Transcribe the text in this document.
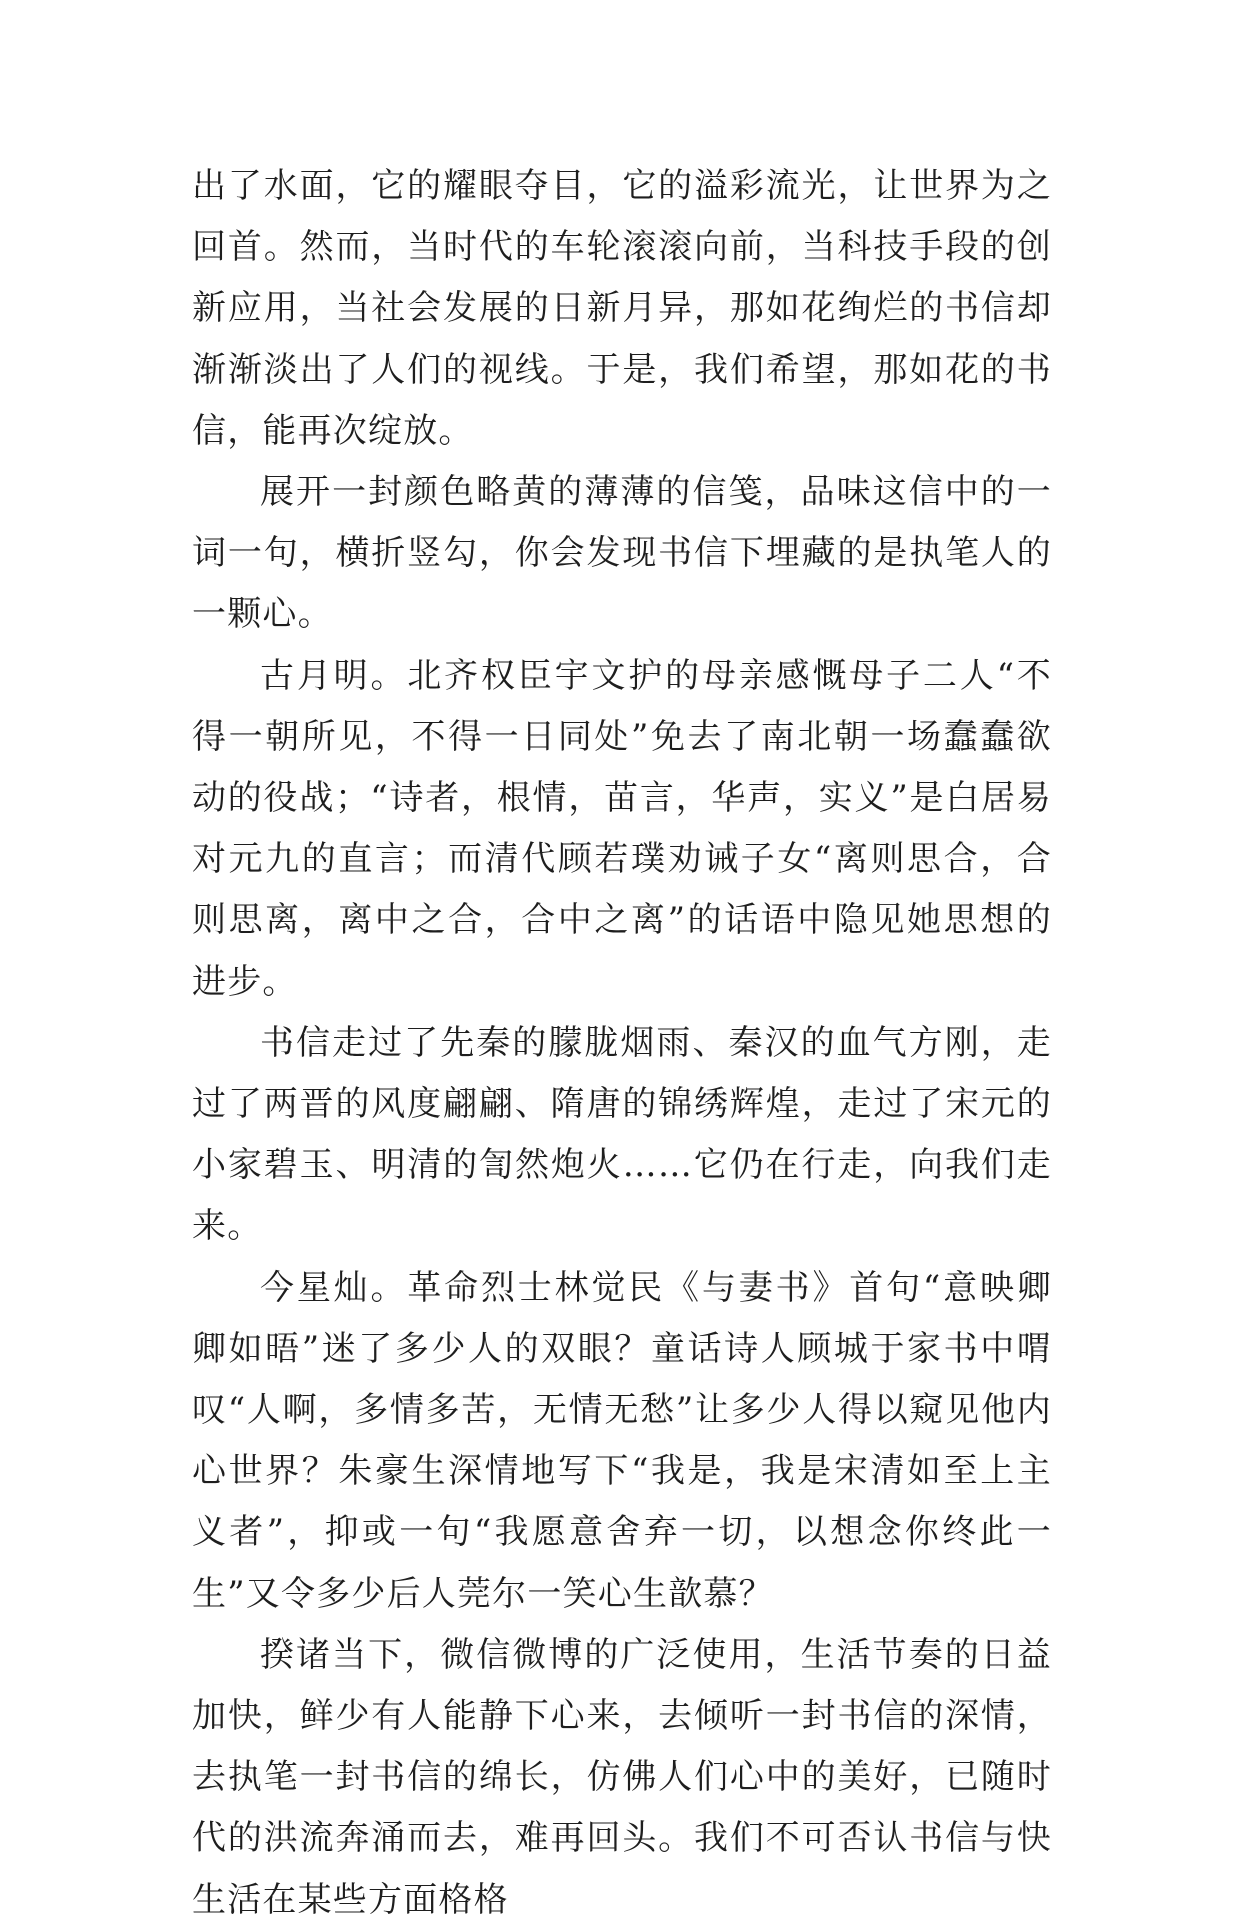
出了水面，它的耀眼夺目，它的溢彩流光，让世界为之回首。然而，当时代的车轮滚滚向前，当科技手段的创新应用，当社会发展的日新月异，那如花绚烂的书信却渐渐淡出了人们的视线。于是，我们希望，那如花的书信，能再次绽放。

展开一封颜色略黄的薄薄的信笺，品味这信中的一词一句，横折竖勾，你会发现书信下埋藏的是执笔人的一颗心。

古月明。北齐权臣宇文护的母亲感慨母子二人“不得一朝所见，不得一日同处”免去了南北朝一场蠢蠢欲动的役战；“诗者，根情，苗言，华声，实义”是白居易对元九的直言；而清代顾若璞劝诫子女“离则思合，合则思离，离中之合，合中之离”的话语中隐见她思想的进步。

书信走过了先秦的朦胧烟雨、秦汉的血气方刚，走过了两晋的风度翩翩、隋唐的锦绣辉煌，走过了宋元的小家碧玉、明清的訇然炮火……它仍在行走，向我们走来。

今星灿。革命烈士林觉民《与妻书》首句“意映卿卿如晤”迷了多少人的双眼？童话诗人顾城于家书中喟叹“人啊，多情多苦，无情无愁”让多少人得以窥见他内心世界？朱豪生深情地写下“我是，我是宋清如至上主义者”，抑或一句“我愿意舍弃一切，以想念你终此一生”又令多少后人莞尔一笑心生歆慕？

揆诸当下，微信微博的广泛使用，生活节奏的日益加快，鲜少有人能静下心来，去倾听一封书信的深情，去执笔一封书信的绵长，仿佛人们心中的美好，已随时代的洪流奔涌而去，难再回头。我们不可否认书信与快生活在某些方面格格
